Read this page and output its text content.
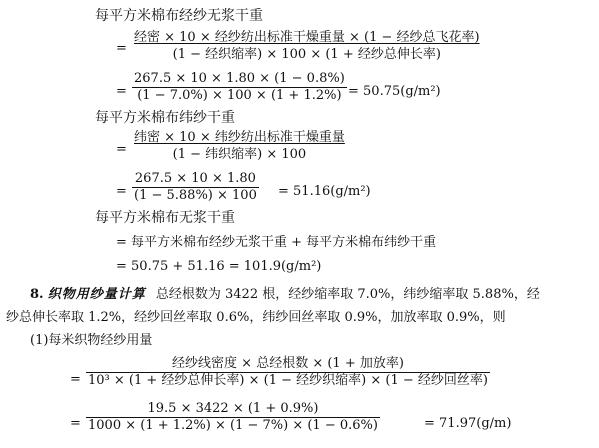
每平方米棉布经纱无浆干重
=
经密 × 10 × 经纱纺出标准干燥重量 × (1 − 经纱总飞花率)
(1 − 经织缩率) × 100 × (1 + 经纱总伸长率)
=
267.5 × 10 × 1.80 × (1 − 0.8%)
(1 − 7.0%) × 100 × (1 + 1.2%) = 50.75(g/m²)
每平方米棉布纬纱干重
=
纬密 × 10 × 纬纱纺出标准干燥重量
(1 − 纬织缩率) × 100
=
267.5 × 10 × 1.80
(1 − 5.88%) × 100 = 51.16(g/m²)
每平方米棉布无浆干重
= 每平方米棉布经纱无浆干重 + 每平方米棉布纬纱干重
= 50.75 + 51.16 = 101.9(g/m²)
8. 织物用纱量计算 总经根数为 3422 根，经纱缩率取 7.0%，纬纱缩率取 5.88%，经
纱总伸长率取 1.2%，经纱回丝率取 0.6%，纬纱回丝率取 0.9%，加放率取 0.9%，则
(1)每米织物经纱用量
=
经纱线密度 × 总经根数 × (1 + 加放率)
10³ × (1 + 经纱总伸长率) × (1 − 经纱织缩率) × (1 − 经纱回丝率)
=
19.5 × 3422 × (1 + 0.9%)
1000 × (1 + 1.2%) × (1 − 7%) × (1 − 0.6%)	= 71.97(g/m)
